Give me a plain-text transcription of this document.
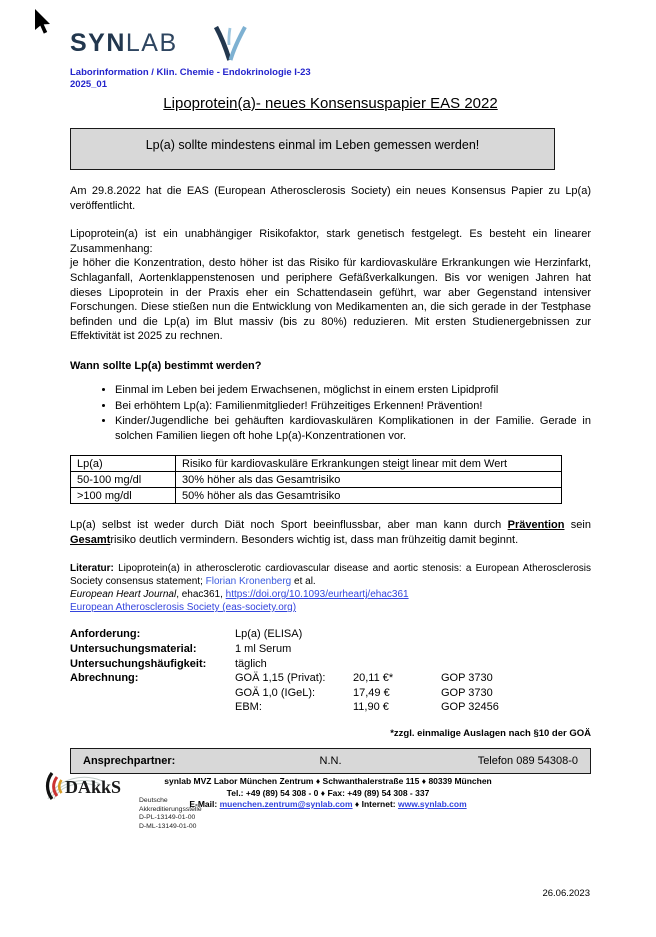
SYNLAB
Laborinformation / Klin. Chemie - Endokrinologie I-23
2025_01
Lipoprotein(a)- neues Konsensuspapier EAS 2022
Lp(a) sollte mindestens einmal im Leben gemessen werden!
Am 29.8.2022 hat die EAS (European Atherosclerosis Society) ein neues Konsensus Papier zu Lp(a) veröffentlicht.
Lipoprotein(a) ist ein unabhängiger Risikofaktor, stark genetisch festgelegt. Es besteht ein linearer Zusammenhang:
je höher die Konzentration, desto höher ist das Risiko für kardiovaskuläre Erkrankungen wie Herzinfarkt, Schlaganfall, Aortenklappenstenosen und periphere Gefäßverkalkungen. Bis vor wenigen Jahren hat dieses Lipoprotein in der Praxis eher ein Schattendasein geführt, war aber Gegenstand intensiver Forschungen. Diese stießen nun die Entwicklung von Medikamenten an, die sich gerade in der Testphase befinden und die Lp(a) im Blut massiv (bis zu 80%) reduzieren. Mit ersten Studienergebnissen zur Effektivität ist 2025 zu rechnen.
Wann sollte Lp(a) bestimmt werden?
• Einmal im Leben bei jedem Erwachsenen, möglichst in einem ersten Lipidprofil
• Bei erhöhtem Lp(a): Familienmitglieder! Frühzeitiges Erkennen! Prävention!
• Kinder/Jugendliche bei gehäuften kardiovaskulären Komplikationen in der Familie. Gerade in solchen Familien liegen oft hohe Lp(a)-Konzentrationen vor.
Lp(a)	Risiko für kardiovaskuläre Erkrankungen steigt linear mit dem Wert
50-100 mg/dl	30% höher als das Gesamtrisiko
>100 mg/dl	50% höher als das Gesamtrisiko
Lp(a) selbst ist weder durch Diät noch Sport beeinflussbar, aber man kann durch Prävention sein Gesamtrisiko deutlich vermindern. Besonders wichtig ist, dass man frühzeitig damit beginnt.
Literatur: Lipoprotein(a) in atherosclerotic cardiovascular disease and aortic stenosis: a European Atherosclerosis Society consensus statement; Florian Kronenberg et al.
European Heart Journal, ehac361, https://doi.org/10.1093/eurheartj/ehac361
European Atherosclerosis Society (eas-society.org)
Anforderung:	Lp(a) (ELISA)
Untersuchungsmaterial:	1 ml Serum
Untersuchungshäufigkeit:	täglich
Abrechnung:	GOÄ 1,15 (Privat):	20,11 €*	GOP 3730
GOÄ 1,0 (IGeL):	17,49 €	GOP 3730
EBM:	11,90 €	GOP 32456
*zzgl. einmalige Auslagen nach §10 der GOÄ
Ansprechpartner:	N.N.	Telefon 089 54308-0
DAkkS
Deutsche
Akkreditierungsstelle
D-PL-13149-01-00
D-ML-13149-01-00
synlab MVZ Labor München Zentrum ♦ Schwanthalerstraße 115 ♦ 80339 München
Tel.: +49 (89) 54 308 - 0 ♦ Fax: +49 (89) 54 308 - 337
E-Mail: muenchen.zentrum@synlab.com ♦ Internet: www.synlab.com
26.06.2023
